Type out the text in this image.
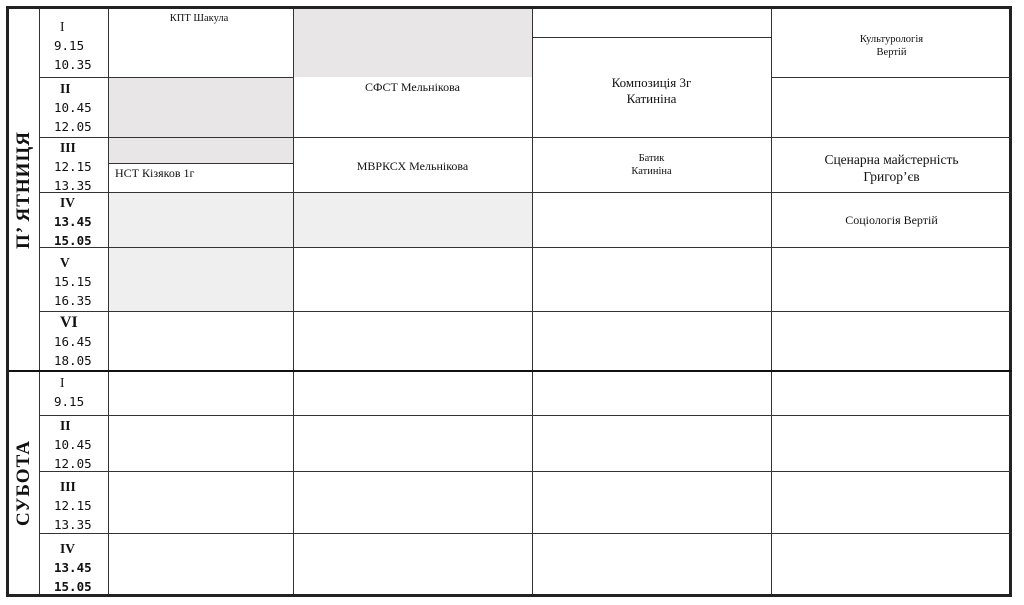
П’ ЯТНИЦЯ
СУБОТА
I
9.15
10.35
II
10.45
12.05
III
12.15
13.35
IV
13.45
15.05
V
15.15
16.35
VI
16.45
18.05
I
9.15
II
10.45
12.05
III
12.15
13.35
IV
13.45
15.05
КПТ Шакула
СФСТ Мельнікова
НСТ Кізяков 1г	МВРКСХ Мельнікова
Композиція 3г
Катиніна
Батик
Катиніна
Культурологія
Вертій
Сценарна майстерність
Григор’єв
Соціологія Вертій
